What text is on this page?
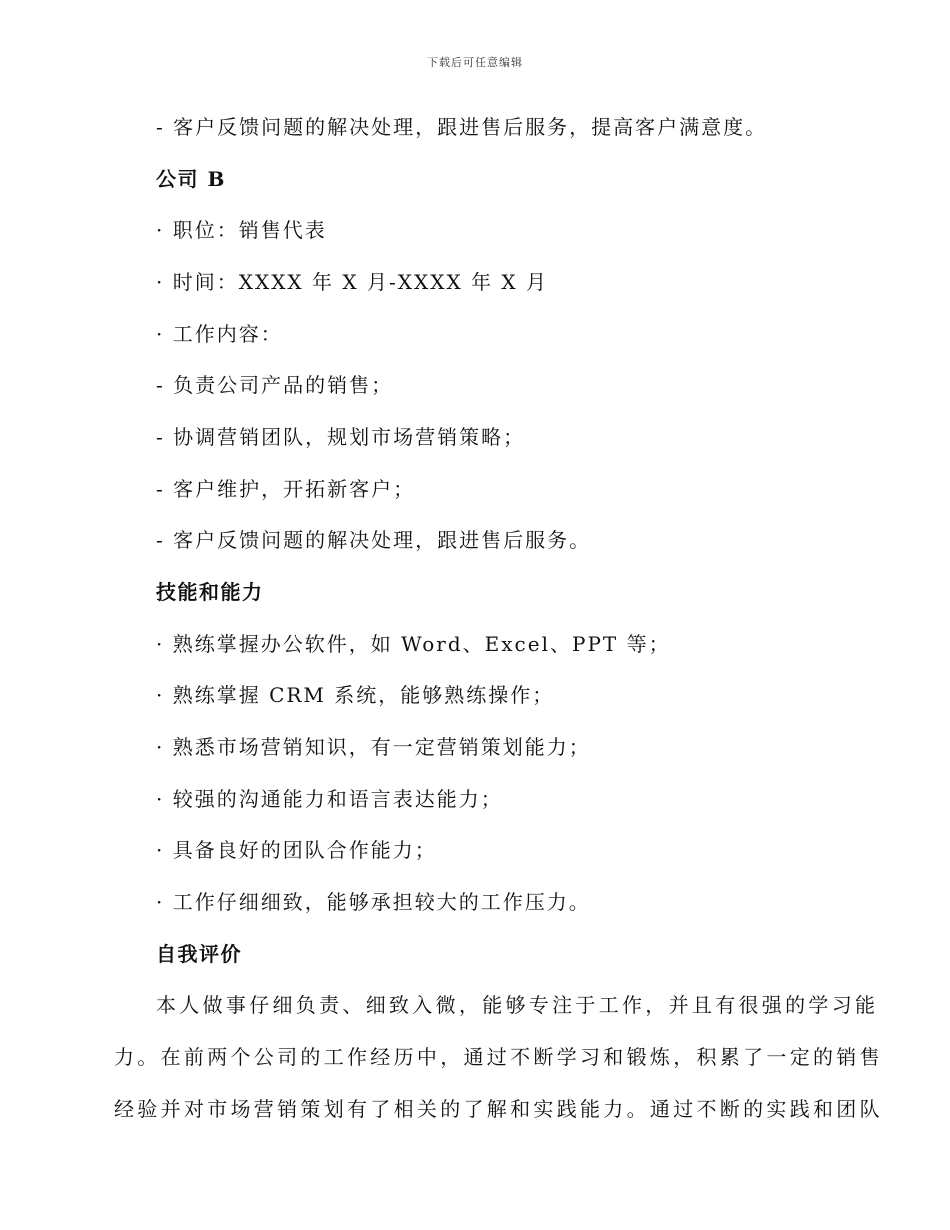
下载后可任意编辑
- 客户反馈问题的解决处理，跟进售后服务，提高客户满意度。
公司 B
· 职位：销售代表
· 时间：XXXX 年 X 月-XXXX 年 X 月
· 工作内容：
- 负责公司产品的销售；
- 协调营销团队，规划市场营销策略；
- 客户维护，开拓新客户；
- 客户反馈问题的解决处理，跟进售后服务。
技能和能力
· 熟练掌握办公软件，如 Word、Excel、PPT 等；
· 熟练掌握 CRM 系统，能够熟练操作；
· 熟悉市场营销知识，有一定营销策划能力；
· 较强的沟通能力和语言表达能力；
· 具备良好的团队合作能力；
· 工作仔细细致，能够承担较大的工作压力。
自我评价
本人做事仔细负责、细致入微，能够专注于工作，并且有很强的学习能
力。在前两个公司的工作经历中，通过不断学习和锻炼，积累了一定的销售
经验并对市场营销策划有了相关的了解和实践能力。通过不断的实践和团队
